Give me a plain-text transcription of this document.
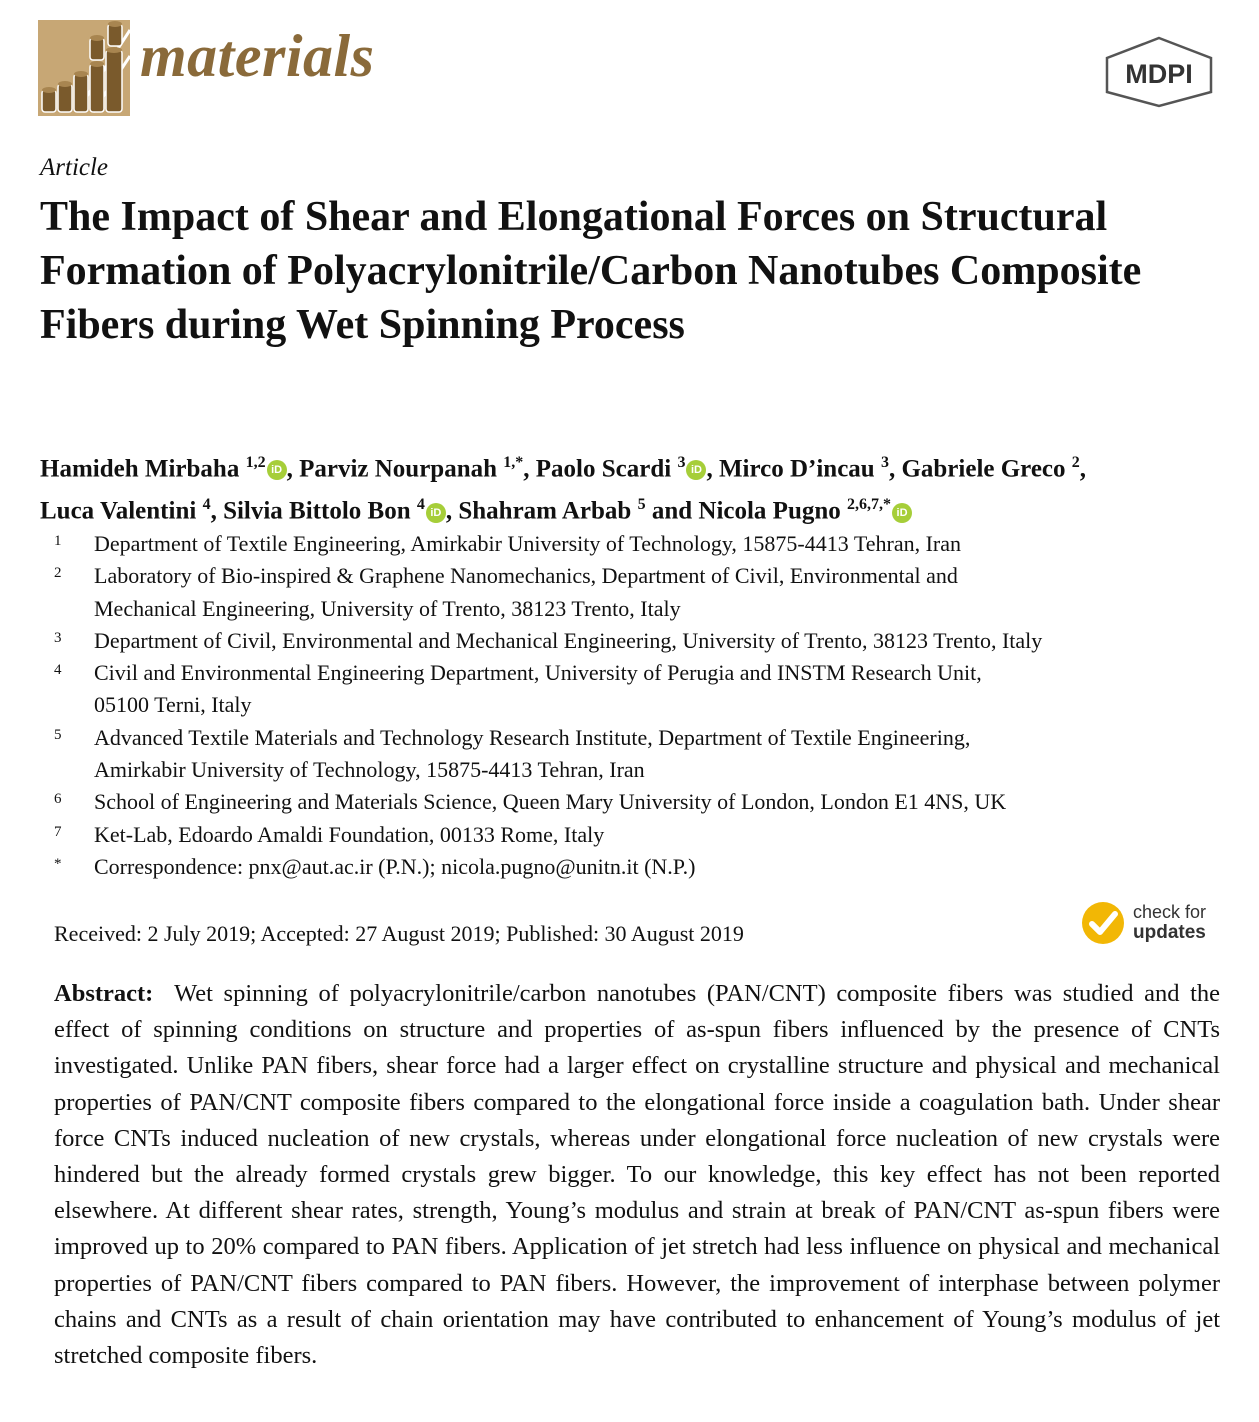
materials	MDPI
Article
The Impact of Shear and Elongational Forces on Structural Formation of Polyacrylonitrile/Carbon Nanotubes Composite Fibers during Wet Spinning Process
Hamideh Mirbaha $^{1,2}$ iD , Parviz Nourpanah $^{1,*}$, Paolo Scardi $^3$ iD , Mirco D’incau $^3$, Gabriele Greco $^2$,
Luca Valentini $^4$, Silvia Bittolo Bon $^4$ iD , Shahram Arbab $^5$ and Nicola Pugno $^{2,6,7,*}$ iD
1	Department of Textile Engineering, Amirkabir University of Technology, 15875-4413 Tehran, Iran
2	Laboratory of Bio-inspired & Graphene Nanomechanics, Department of Civil, Environmental and
Mechanical Engineering, University of Trento, 38123 Trento, Italy
3	Department of Civil, Environmental and Mechanical Engineering, University of Trento, 38123 Trento, Italy
4	Civil and Environmental Engineering Department, University of Perugia and INSTM Research Unit,
05100 Terni, Italy
5	Advanced Textile Materials and Technology Research Institute, Department of Textile Engineering,
Amirkabir University of Technology, 15875-4413 Tehran, Iran
6	School of Engineering and Materials Science, Queen Mary University of London, London E1 4NS, UK
7	Ket-Lab, Edoardo Amaldi Foundation, 00133 Rome, Italy
*	Correspondence: pnx@aut.ac.ir (P.N.); nicola.pugno@unitn.it (N.P.)
Received: 2 July 2019; Accepted: 27 August 2019; Published: 30 August 2019
check for
updates

Abstract: Wet spinning of polyacrylonitrile/carbon nanotubes (PAN/CNT) composite fibers was studied and the effect of spinning conditions on structure and properties of as-spun fibers influenced by the presence of CNTs investigated. Unlike PAN fibers, shear force had a larger effect on crystalline structure and physical and mechanical properties of PAN/CNT composite fibers compared to the elongational force inside a coagulation bath. Under shear force CNTs induced nucleation of new crystals, whereas under elongational force nucleation of new crystals were hindered but the already formed crystals grew bigger. To our knowledge, this key effect has not been reported elsewhere. At different shear rates, strength, Young’s modulus and strain at break of PAN/CNT as-spun fibers were improved up to 20% compared to PAN fibers. Application of jet stretch had less influence on physical and mechanical properties of PAN/CNT fibers compared to PAN fibers. However, the improvement of interphase between polymer chains and CNTs as a result of chain orientation may have contributed to enhancement of Young’s modulus of jet stretched composite fibers.
